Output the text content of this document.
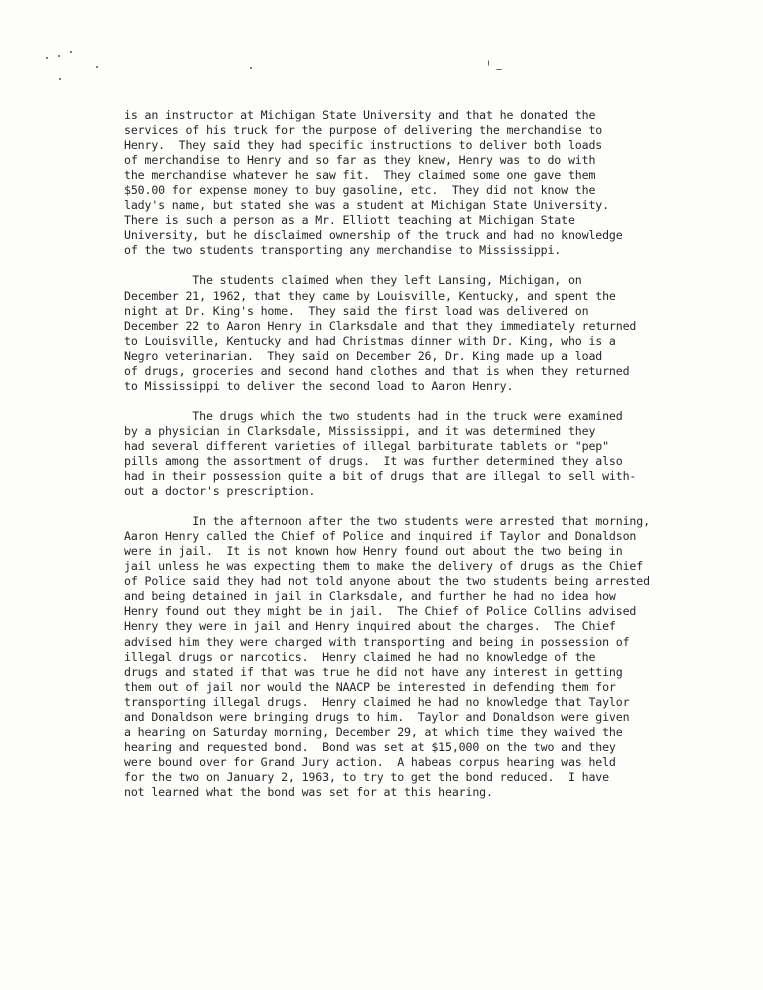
is an instructor at Michigan State University and that he donated the
services of his truck for the purpose of delivering the merchandise to
Henry.  They said they had specific instructions to deliver both loads
of merchandise to Henry and so far as they knew, Henry was to do with
the merchandise whatever he saw fit.  They claimed some one gave them
$50.00 for expense money to buy gasoline, etc.  They did not know the
lady's name, but stated she was a student at Michigan State University.
There is such a person as a Mr. Elliott teaching at Michigan State
University, but he disclaimed ownership of the truck and had no knowledge
of the two students transporting any merchandise to Mississippi.
The students claimed when they left Lansing, Michigan, on
December 21, 1962, that they came by Louisville, Kentucky, and spent the
night at Dr. King's home.  They said the first load was delivered on
December 22 to Aaron Henry in Clarksdale and that they immediately returned
to Louisville, Kentucky and had Christmas dinner with Dr. King, who is a
Negro veterinarian.  They said on December 26, Dr. King made up a load
of drugs, groceries and second hand clothes and that is when they returned
to Mississippi to deliver the second load to Aaron Henry.
The drugs which the two students had in the truck were examined
by a physician in Clarksdale, Mississippi, and it was determined they
had several different varieties of illegal barbiturate tablets or "pep"
pills among the assortment of drugs.  It was further determined they also
had in their possession quite a bit of drugs that are illegal to sell with-
out a doctor's prescription.
In the afternoon after the two students were arrested that morning,
Aaron Henry called the Chief of Police and inquired if Taylor and Donaldson
were in jail.  It is not known how Henry found out about the two being in
jail unless he was expecting them to make the delivery of drugs as the Chief
of Police said they had not told anyone about the two students being arrested
and being detained in jail in Clarksdale, and further he had no idea how
Henry found out they might be in jail.  The Chief of Police Collins advised
Henry they were in jail and Henry inquired about the charges.  The Chief
advised him they were charged with transporting and being in possession of
illegal drugs or narcotics.  Henry claimed he had no knowledge of the
drugs and stated if that was true he did not have any interest in getting
them out of jail nor would the NAACP be interested in defending them for
transporting illegal drugs.  Henry claimed he had no knowledge that Taylor
and Donaldson were bringing drugs to him.  Taylor and Donaldson were given
a hearing on Saturday morning, December 29, at which time they waived the
hearing and requested bond.  Bond was set at $15,000 on the two and they
were bound over for Grand Jury action.  A habeas corpus hearing was held
for the two on January 2, 1963, to try to get the bond reduced.  I have
not learned what the bond was set for at this hearing.
